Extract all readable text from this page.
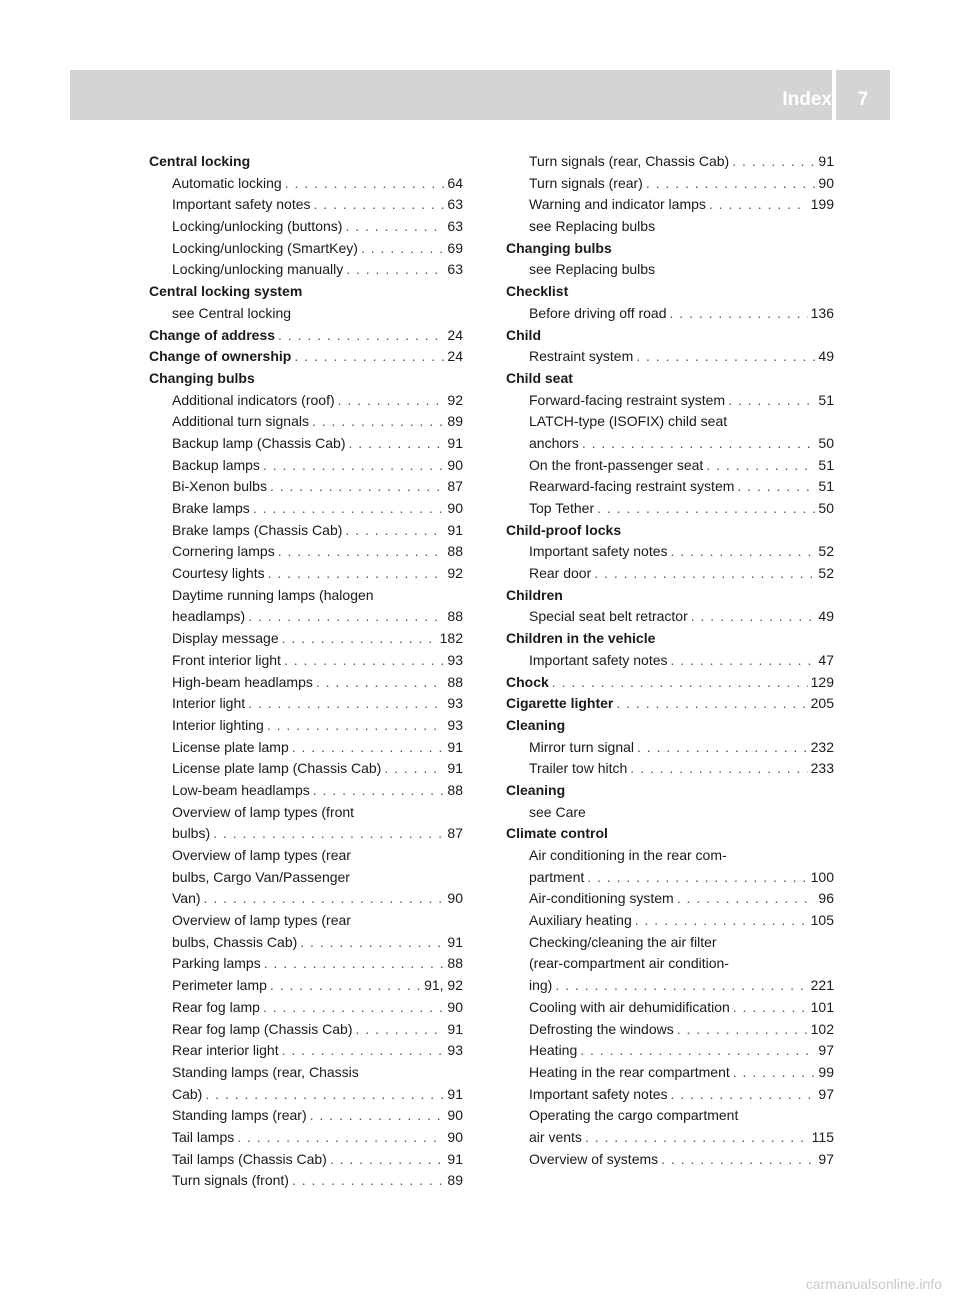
Index	7
Central locking
Automatic locking . . .	64
Important safety notes . . .	63
Locking/unlocking (buttons) . . .	63
Locking/unlocking (SmartKey) . . .	69
Locking/unlocking manually . . .	63
Central locking system
see Central locking
Change of address . . .	24
Change of ownership . . .	24
Changing bulbs
Additional indicators (roof) . . .	92
Additional turn signals . . .	89
Backup lamp (Chassis Cab) . . .	91
Backup lamps . . .	90
Bi-Xenon bulbs . . .	87
Brake lamps . . .	90
Brake lamps (Chassis Cab) . . .	91
Cornering lamps . . .	88
Courtesy lights . . .	92
Daytime running lamps (halogen
headlamps) . . .	88
Display message . . .	182
Front interior light . . .	93
High-beam headlamps . . .	88
Interior light . . .	93
Interior lighting . . .	93
License plate lamp . . .	91
License plate lamp (Chassis Cab) . . .	91
Low-beam headlamps . . .	88
Overview of lamp types (front
bulbs) . . .	87
Overview of lamp types (rear
bulbs, Cargo Van/Passenger
Van) . . .	90
Overview of lamp types (rear
bulbs, Chassis Cab) . . .	91
Parking lamps . . .	88
Perimeter lamp . . .	91, 92
Rear fog lamp . . .	90
Rear fog lamp (Chassis Cab) . . .	91
Rear interior light . . .	93
Standing lamps (rear, Chassis
Cab) . . .	91
Standing lamps (rear) . . .	90
Tail lamps . . .	90
Tail lamps (Chassis Cab) . . .	91
Turn signals (front) . . .	89
Turn signals (rear, Chassis Cab) . . .	91
Turn signals (rear) . . .	90
Warning and indicator lamps . . .	199
see Replacing bulbs
Changing bulbs
see Replacing bulbs
Checklist
Before driving off road . . .	136
Child
Restraint system . . .	49
Child seat
Forward-facing restraint system . . .	51
LATCH-type (ISOFIX) child seat
anchors . . .	50
On the front-passenger seat . . .	51
Rearward-facing restraint system . . .	51
Top Tether . . .	50
Child-proof locks
Important safety notes . . .	52
Rear door . . .	52
Children
Special seat belt retractor . . .	49
Children in the vehicle
Important safety notes . . .	47
Chock . . .	129
Cigarette lighter . . .	205
Cleaning
Mirror turn signal . . .	232
Trailer tow hitch . . .	233
Cleaning
see Care
Climate control
Air conditioning in the rear com-
partment . . .	100
Air-conditioning system . . .	96
Auxiliary heating . . .	105
Checking/cleaning the air filter
(rear-compartment air condition-
ing) . . .	221
Cooling with air dehumidification . . .	101
Defrosting the windows . . .	102
Heating . . .	97
Heating in the rear compartment . . .	99
Important safety notes . . .	97
Operating the cargo compartment
air vents . . .	115
Overview of systems . . .	97
carmanualsonline.info
